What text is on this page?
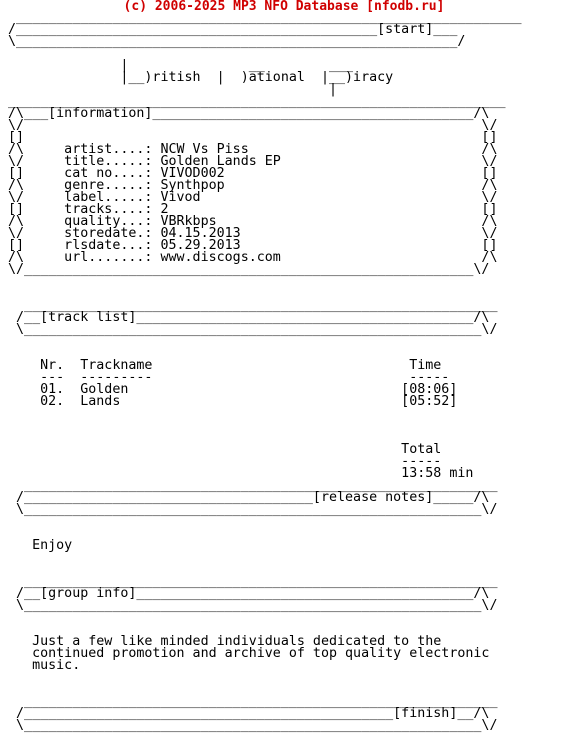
(c) 2006-2025 MP3 NFO Database [nfodb.ru]
_______________________________________________________________
/_____________________________________________[start]___
\_______________________________________________________/

|               __        ___
|__)ritish  |  )ational  |__)iracy
|
______________________________________________________________
/\___[information]________________________________________/\
\/                                                         \/
[]                                                         []
/\     artist....: NCW Vs Piss                             /\
\/     title.....: Golden Lands EP                         \/
[]     cat no....: VIVOD002                                []
/\     genre.....: Synthpop                                /\
\/     label.....: Vivod                                   \/
[]     tracks....: 2                                       []
/\     quality...: VBRkbps                                 /\
\/     storedate.: 04.15.2013                              \/
[]     rlsdate...: 05.29.2013                              []
/\     url.......: www.discogs.com                         /\
\/________________________________________________________\/

___________________________________________________________
/__[track list]__________________________________________/\
\_________________________________________________________\/

Nr.  Trackname                                Time
---  ---------                                -----
01.  Golden                                  [08:06]
02.  Lands                                   [05:52]

Total
-----
13:58 min
___________________________________________________________
/____________________________________[release notes]_____/\
\_________________________________________________________\/

Enjoy

___________________________________________________________
/__[group info]__________________________________________/\
\_________________________________________________________\/

Just a few like minded individuals dedicated to the
continued promotion and archive of top quality electronic
music.

___________________________________________________________
/______________________________________________[finish]__/\
\_________________________________________________________\/
